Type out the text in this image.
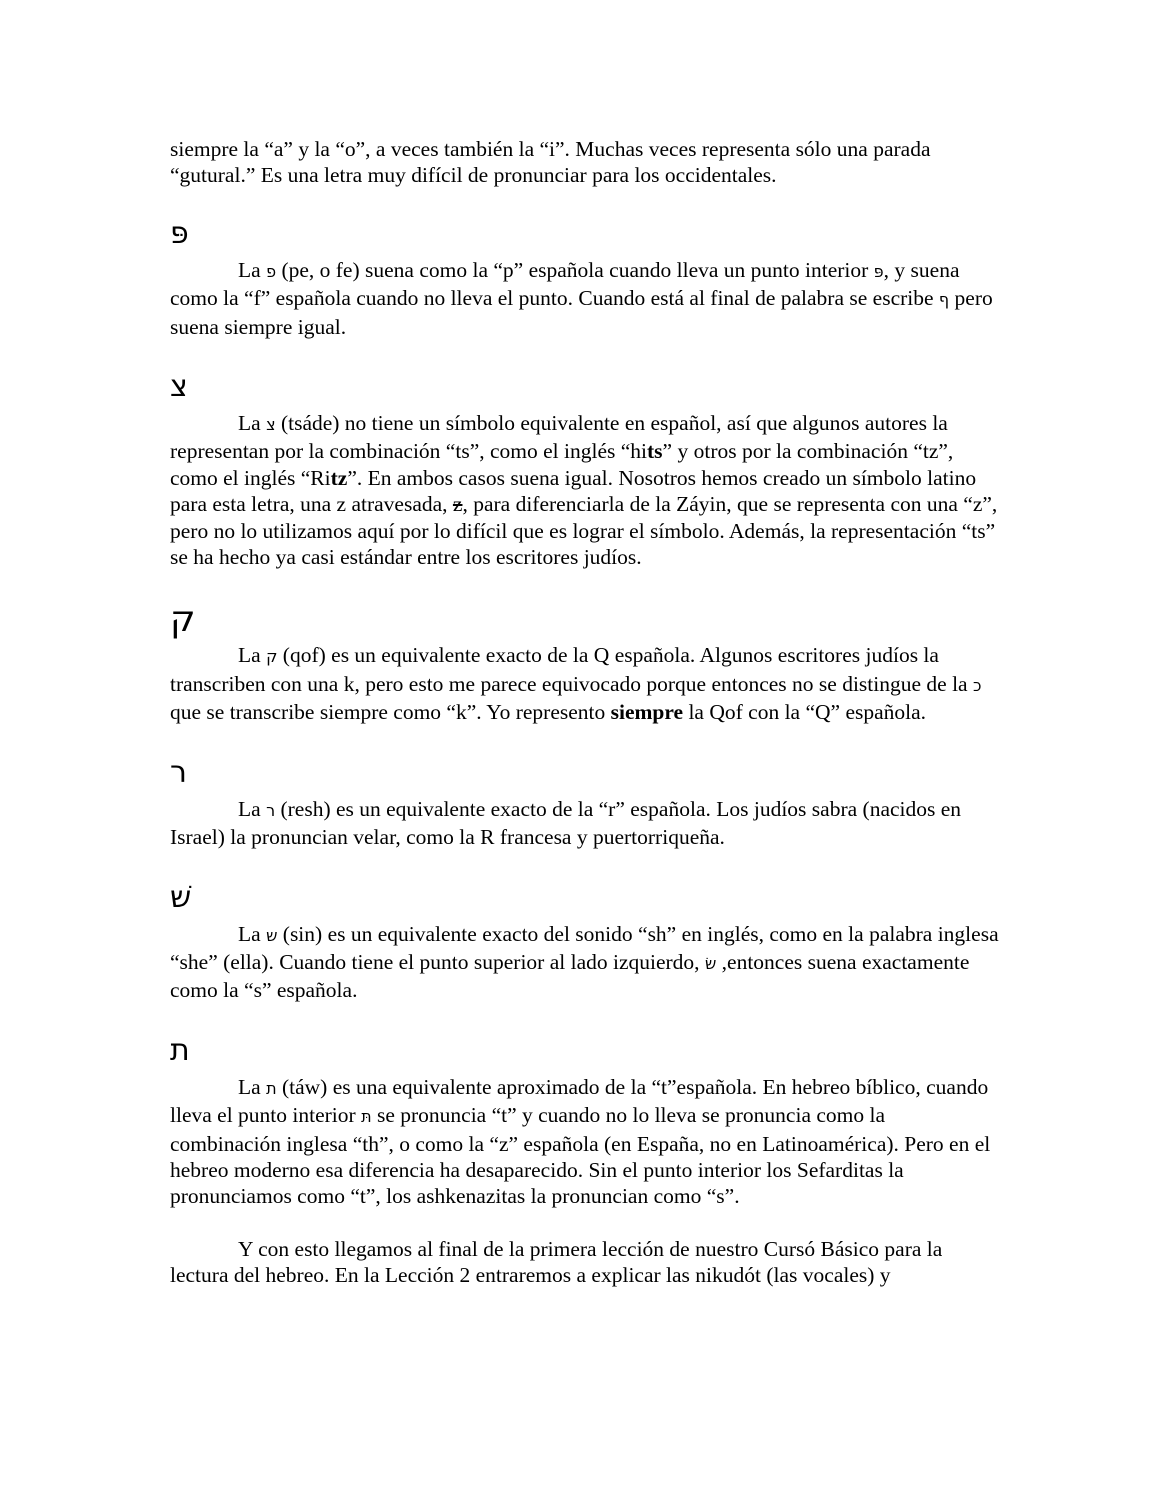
siempre la “a” y la “o”, a veces también la “i”. Muchas veces representa sólo una parada “gutural.” Es una letra muy difícil de pronunciar para los occidentales.

פּ

La פ (pe, o fe) suena como la “p” española cuando lleva un punto interior פּ, y suena como la “f” española cuando no lleva el punto. Cuando está al final de palabra se escribe ף pero suena siempre igual.

צ

La צ (tsáde) no tiene un símbolo equivalente en español, así que algunos autores la representan por la combinación “ts”, como el inglés “hits” y otros por la combinación “tz”, como el inglés “Ritz”. En ambos casos suena igual. Nosotros hemos creado un símbolo latino para esta letra, una z atravesada, z, para diferenciarla de la Záyin, que se representa con una “z”, pero no lo utilizamos aquí por lo difícil que es lograr el símbolo. Además, la representación “ts” se ha hecho ya casi estándar entre los escritores judíos.

ק

La ק (qof) es un equivalente exacto de la Q española. Algunos escritores judíos la transcriben con una k, pero esto me parece equivocado porque entonces no se distingue de la כ que se transcribe siempre como “k”. Yo represento siempre la Qof con la “Q” española.

ר

La ר (resh) es un equivalente exacto de la “r” española. Los judíos sabra (nacidos en Israel) la pronuncian velar, como la R francesa y puertorriqueña.

שׁ

La ש (sin) es un equivalente exacto del sonido “sh” en inglés, como en la palabra inglesa “she” (ella). Cuando tiene el punto superior al lado izquierdo, שׂ ,entonces suena exactamente como la “s” española.

ת

La ת (táw) es una equivalente aproximado de la “t”española. En hebreo bíblico, cuando lleva el punto interior תּ se pronuncia “t” y cuando no lo lleva se pronuncia como la combinación inglesa “th”, o como la “z” española (en España, no en Latinoamérica). Pero en el hebreo moderno esa diferencia ha desaparecido. Sin el punto interior los Sefarditas la pronunciamos como “t”, los ashkenazitas la pronuncian como “s”.

Y con esto llegamos al final de la primera lección de nuestro Cursó Básico para la lectura del hebreo. En la Lección 2 entraremos a explicar las nikudót (las vocales) y
